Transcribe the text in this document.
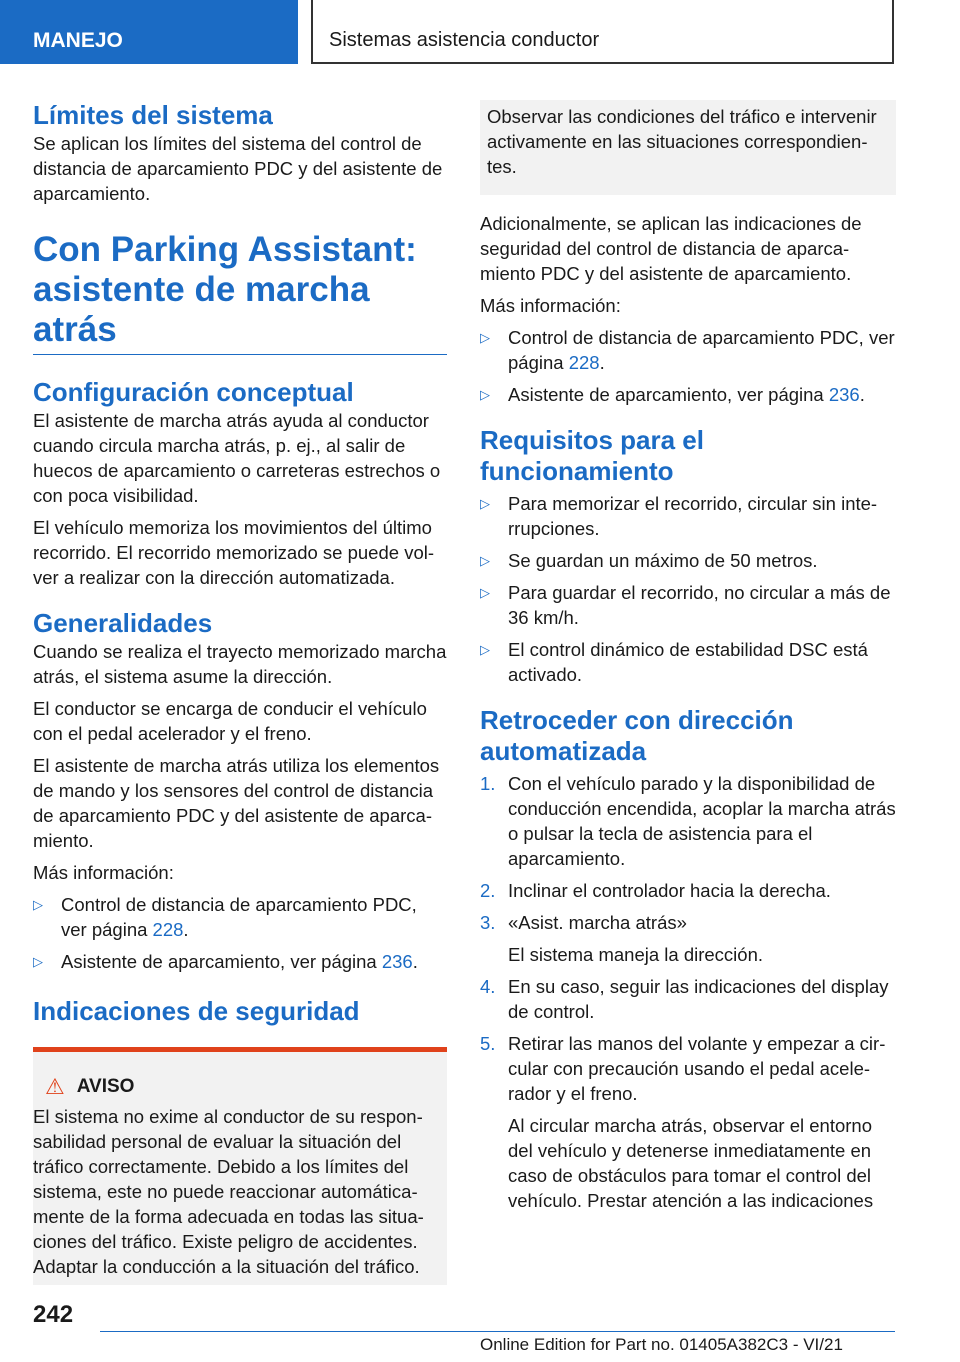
MANEJO	Sistemas asistencia conductor
Límites del sistema

Se aplican los límites del sistema del control de distancia de aparcamiento PDC y del asistente de aparcamiento.

Con Parking Assistant: asistente de marcha atrás
Configuración conceptual

El asistente de marcha atrás ayuda al conductor cuando circula marcha atrás, p. ej., al salir de huecos de aparcamiento o carreteras estrechos o con poca visibilidad.

El vehículo memoriza los movimientos del último recorrido. El recorrido memorizado se puede volver a realizar con la dirección automatizada.

Generalidades

Cuando se realiza el trayecto memorizado marcha atrás, el sistema asume la dirección.

El conductor se encarga de conducir el vehículo con el pedal acelerador y el freno.

El asistente de marcha atrás utiliza los elementos de mando y los sensores del control de distancia de aparcamiento PDC y del asistente de aparcamiento.

Más información:

▷ Control de distancia de aparcamiento PDC, ver página 228.
▷ Asistente de aparcamiento, ver página 236.
Indicaciones de seguridad
⚠ AVISO

El sistema no exime al conductor de su responsabilidad personal de evaluar la situación del tráfico correctamente. Debido a los límites del sistema, este no puede reaccionar automáticamente de la forma adecuada en todas las situaciones del tráfico. Existe peligro de accidentes. Adaptar la conducción a la situación del tráfico.

Observar las condiciones del tráfico e intervenir activamente en las situaciones correspondientes.

Adicionalmente, se aplican las indicaciones de seguridad del control de distancia de aparcamiento PDC y del asistente de aparcamiento.

Más información:

▷ Control de distancia de aparcamiento PDC, ver página 228.
▷ Asistente de aparcamiento, ver página 236.
Requisitos para el funcionamiento
▷ Para memorizar el recorrido, circular sin interrupciones.
▷ Se guardan un máximo de 50 metros.
▷ Para guardar el recorrido, no circular a más de 36 km/h.
▷ El control dinámico de estabilidad DSC está activado.
Retroceder con dirección automatizada
1. Con el vehículo parado y la disponibilidad de conducción encendida, acoplar la marcha atrás o pulsar la tecla de asistencia para el aparcamiento.
2. Inclinar el controlador hacia la derecha.
3. «Asist. marcha atrás»
El sistema maneja la dirección.
4. En su caso, seguir las indicaciones del display de control.
5. Retirar las manos del volante y empezar a circular con precaución usando el pedal acelerador y el freno.
Al circular marcha atrás, observar el entorno del vehículo y detenerse inmediatamente en caso de obstáculos para tomar el control del vehículo. Prestar atención a las indicaciones
242
Online Edition for Part no. 01405A382C3 - VI/21
